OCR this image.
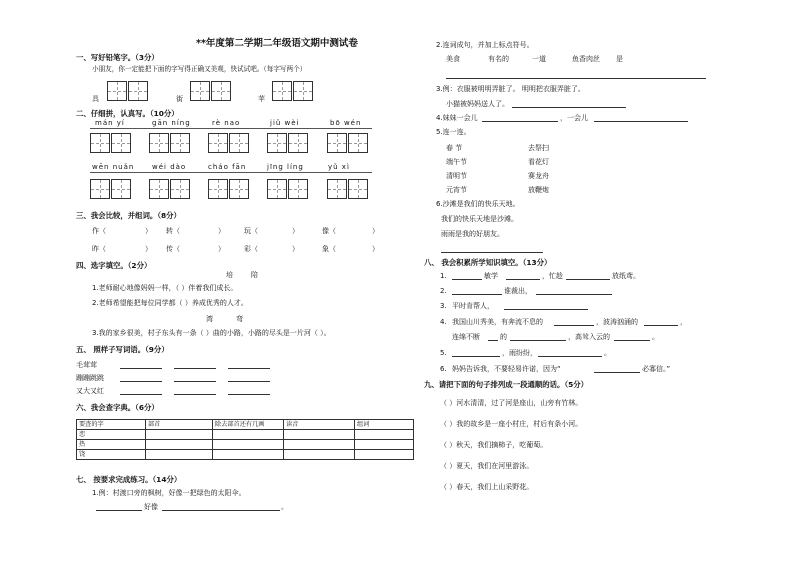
**年度第二学期二年级语文期中测试卷
一、写好铅笔字。（3分）
小朋友，你一定能把下面的字写得正确又美观，快试试吧。（每字写两个）
具	街	苹
二、仔细拼，认真写。（10分）
mán yí	gān níng	rè nao	jiǔ wèi	bō wén
wēn nuǎn	wéi dào	cháo fān	jīng líng	yǔ xì
三、我会比较，并组词。（8分）
作（	） 转（	）	玩（	）	像（	）
昨（	） 传（	）	彩（	）	象（	）
四、选字填空。（2分）
培	陪
1.老师耐心地像妈妈一样，（ ）伴着我们成长。
2.老师希望能把每位同学都（ ）养成优秀的人才。
湾	弯
3.我的家乡很美，村子东头有一条（ ）曲的小路，小路的尽头是一片河（ ）。
五、 照样子写词语。（9分）
毛茸茸
蹦蹦跳跳
又大又红
六、我会查字典。（6分）
要查的字	部首	除去部首还有几画	读音	组词
恋				
热				
饶				
七、 按要求完成练习。（14分）
1.例：村渡口旁的枫树，好像一把绿色的太阳伞。
好像	。
2.连词成句，并加上标点符号。
美食	有名的	一道	鱼香肉丝 是
3.例：衣服被明明弄脏了。 明明把衣服弄脏了。
小猫被妈妈送人了。
4.妹妹一会儿	，一会儿
5.连一连。
春 节	去祭扫
端午节	看花灯
清明节	赛龙舟
元宵节	放鞭炮
6.沙滩是我们的快乐天地。
我们的快乐天地是沙滩。
雨雨是我的好朋友。
八、 我会积累所学知识填空。（13分）
1.	敏学	，忙趁	放纸鸢。
2.	谁裁出，
3. 平时肯帮人，
4. 我国山川秀美，有奔流不息的	，波涛汹涌的	，
连绵不断	的	，高耸入云的	。
5.	，雨纷纷，	。
6. 妈妈告诉我，不要轻易许诺，因为“	必寡信。”
九、请把下面的句子排列成一段通顺的话。（5分）
（ ）河水清清，过了河是座山，山旁有竹林。
（ ）我的故乡是一座小村庄，村后有条小河。
（ ）秋天，我们摘柿子，吃葡萄。
（ ）夏天，我们在河里游泳。
（ ）春天，我们上山采野花。
